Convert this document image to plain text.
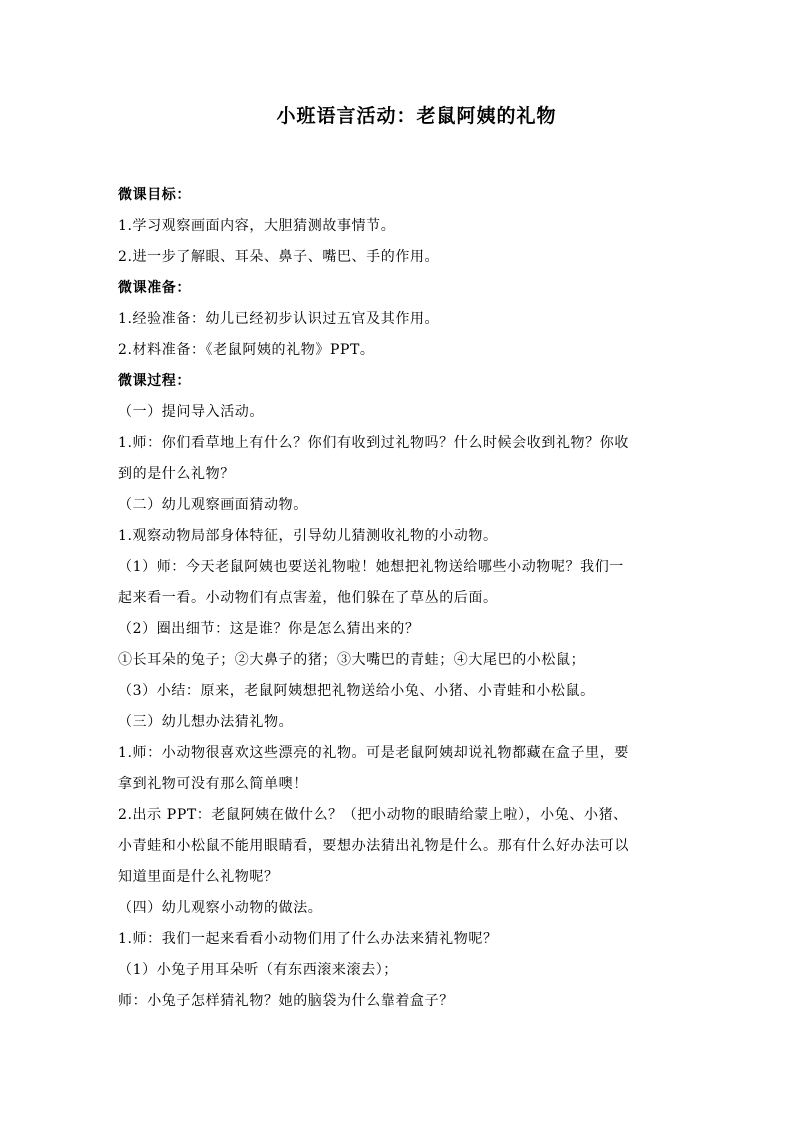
小班语言活动：老鼠阿姨的礼物
微课目标：
1.学习观察画面内容，大胆猜测故事情节。
2.进一步了解眼、耳朵、鼻子、嘴巴、手的作用。
微课准备：
1.经验准备：幼儿已经初步认识过五官及其作用。
2.材料准备：《老鼠阿姨的礼物》PPT。
微课过程：
（一）提问导入活动。
1.师：你们看草地上有什么？你们有收到过礼物吗？什么时候会收到礼物？你收
到的是什么礼物？
（二）幼儿观察画面猜动物。
1.观察动物局部身体特征，引导幼儿猜测收礼物的小动物。
（1）师：今天老鼠阿姨也要送礼物啦！她想把礼物送给哪些小动物呢？我们一
起来看一看。小动物们有点害羞，他们躲在了草丛的后面。
（2）圈出细节：这是谁？你是怎么猜出来的？
①长耳朵的兔子；②大鼻子的猪；③大嘴巴的青蛙；④大尾巴的小松鼠；
（3）小结：原来，老鼠阿姨想把礼物送给小兔、小猪、小青蛙和小松鼠。
（三）幼儿想办法猜礼物。
1.师：小动物很喜欢这些漂亮的礼物。可是老鼠阿姨却说礼物都藏在盒子里，要
拿到礼物可没有那么简单噢！
2.出示 PPT：老鼠阿姨在做什么？（把小动物的眼睛给蒙上啦），小兔、小猪、
小青蛙和小松鼠不能用眼睛看，要想办法猜出礼物是什么。那有什么好办法可以
知道里面是什么礼物呢？
（四）幼儿观察小动物的做法。
1.师：我们一起来看看小动物们用了什么办法来猜礼物呢？
（1）小兔子用耳朵听（有东西滚来滚去）；
师：小兔子怎样猜礼物？她的脑袋为什么靠着盒子？
